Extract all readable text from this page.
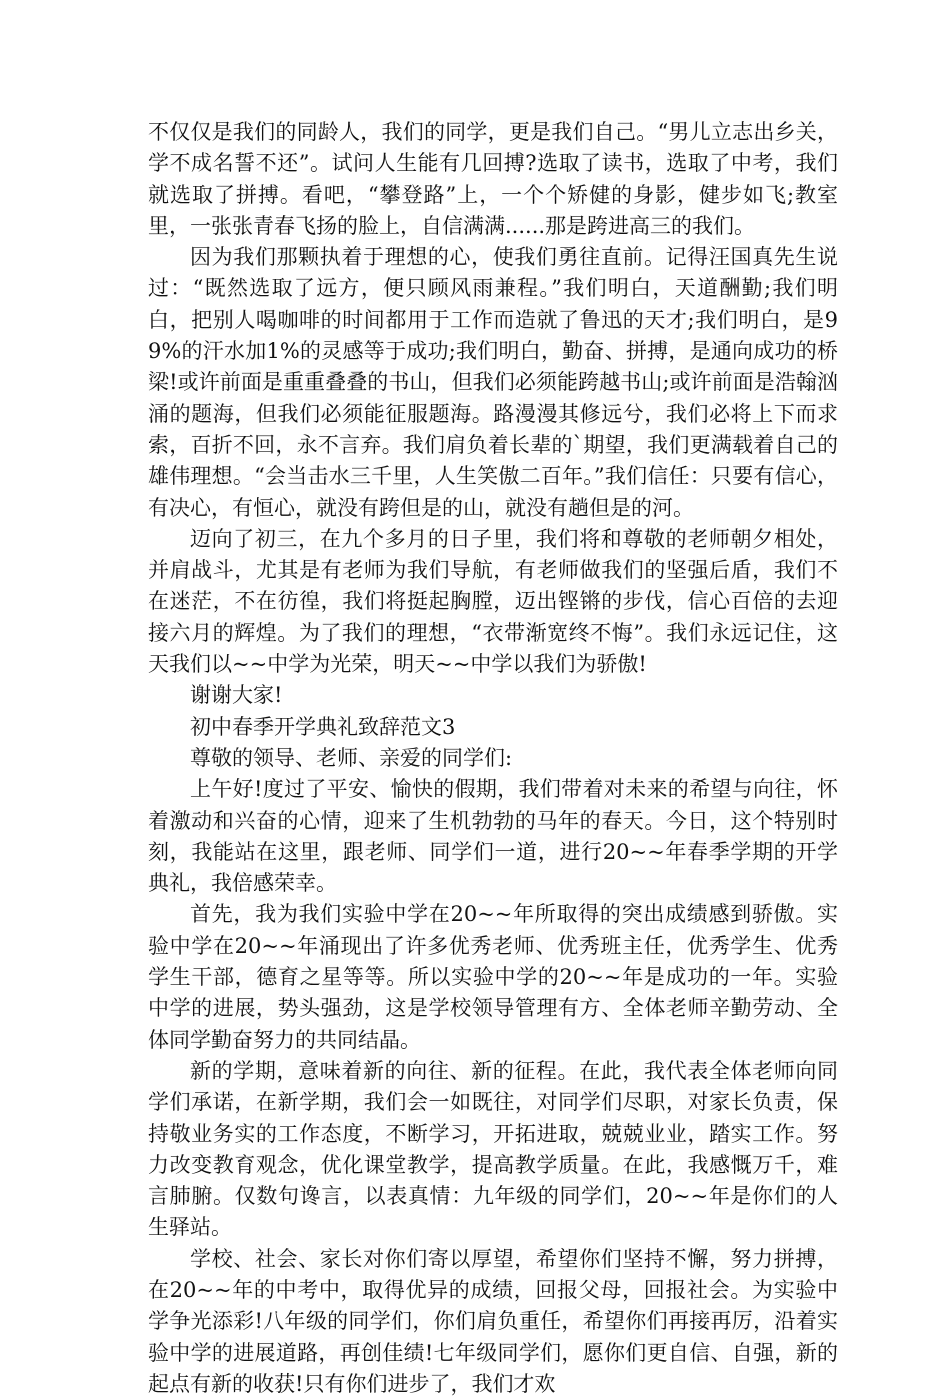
不仅仅是我们的同龄人，我们的同学，更是我们自己。“男儿立志出乡关，学不成名誓不还”。试问人生能有几回搏?选取了读书，选取了中考，我们就选取了拼搏。看吧，“攀登路”上，一个个矫健的身影，健步如飞;教室里，一张张青春飞扬的脸上，自信满满......那是跨进高三的我们。

因为我们那颗执着于理想的心，使我们勇往直前。记得汪国真先生说过：“既然选取了远方，便只顾风雨兼程。”我们明白，天道酬勤;我们明白，把别人喝咖啡的时间都用于工作而造就了鲁迅的天才;我们明白，是99%的汗水加1%的灵感等于成功;我们明白，勤奋、拼搏，是通向成功的桥梁!或许前面是重重叠叠的书山，但我们必须能跨越书山;或许前面是浩翰汹涌的题海，但我们必须能征服题海。路漫漫其修远兮，我们必将上下而求索，百折不回，永不言弃。我们肩负着长辈的`期望，我们更满载着自己的雄伟理想。“会当击水三千里，人生笑傲二百年。”我们信任：只要有信心，有决心，有恒心，就没有跨但是的山，就没有趟但是的河。

迈向了初三，在九个多月的日子里，我们将和尊敬的老师朝夕相处，并肩战斗，尤其是有老师为我们导航，有老师做我们的坚强后盾，我们不在迷茫，不在彷徨，我们将挺起胸膛，迈出铿锵的步伐，信心百倍的去迎接六月的辉煌。为了我们的理想，“衣带渐宽终不悔”。我们永远记住，这天我们以~~中学为光荣，明天~~中学以我们为骄傲!

谢谢大家!

初中春季开学典礼致辞范文3

尊敬的领导、老师、亲爱的同学们:

上午好!度过了平安、愉快的假期，我们带着对未来的希望与向往，怀着激动和兴奋的心情，迎来了生机勃勃的马年的春天。今日，这个特别时刻，我能站在这里，跟老师、同学们一道，进行20~~年春季学期的开学典礼，我倍感荣幸。

首先，我为我们实验中学在20~~年所取得的突出成绩感到骄傲。实验中学在20~~年涌现出了许多优秀老师、优秀班主任，优秀学生、优秀学生干部，德育之星等等。所以实验中学的20~~年是成功的一年。实验中学的进展，势头强劲，这是学校领导管理有方、全体老师辛勤劳动、全体同学勤奋努力的共同结晶。

新的学期，意味着新的向往、新的征程。在此，我代表全体老师向同学们承诺，在新学期，我们会一如既往，对同学们尽职，对家长负责，保持敬业务实的工作态度，不断学习，开拓进取，兢兢业业，踏实工作。努力改变教育观念，优化课堂教学，提高教学质量。在此，我感慨万千，难言肺腑。仅数句谗言，以表真情：九年级的同学们，20~~年是你们的人生驿站。

学校、社会、家长对你们寄以厚望，希望你们坚持不懈，努力拼搏，在20~~年的中考中，取得优异的成绩，回报父母，回报社会。为实验中学争光添彩!八年级的同学们，你们肩负重任，希望你们再接再厉，沿着实验中学的进展道路，再创佳绩!七年级同学们，愿你们更自信、自强，新的起点有新的收获!只有你们进步了，我们才欢
